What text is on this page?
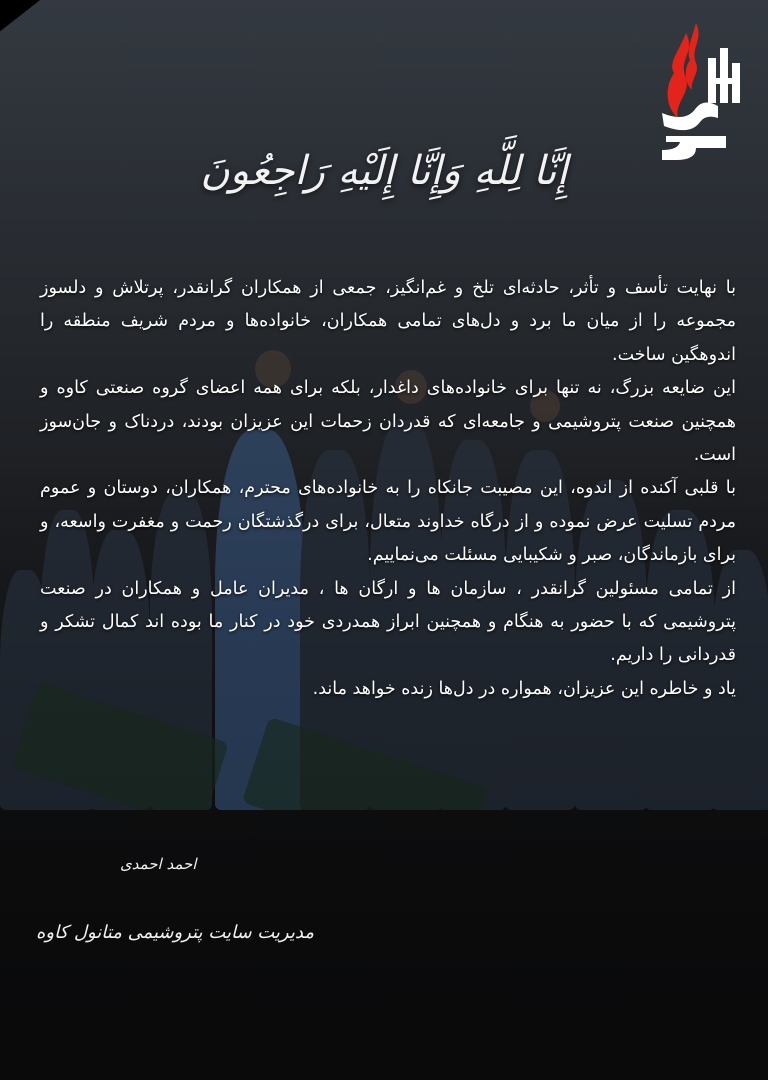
إِنَّا لِلَّهِ وَإِنَّا إِلَيْهِ رَاجِعُونَ

با نهایت تأسف و تأثر، حادثه‌ای تلخ و غم‌انگیز، جمعی از همکاران گرانقدر، پرتلاش و دلسوز مجموعه را از میان ما برد و دل‌های تمامی همکاران، خانواده‌ها و مردم شریف منطقه را اندوهگین ساخت.

این ضایعه بزرگ، نه تنها برای خانواده‌های داغدار، بلکه برای همه اعضای گروه صنعتی کاوه و همچنین صنعت پتروشیمی و جامعه‌ای که قدردان زحمات این عزیزان بودند، دردناک و جان‌سوز است.

با قلبی آکنده از اندوه، این مصیبت جانکاه را به خانواده‌های محترم، همکاران، دوستان و عموم مردم تسلیت عرض نموده و از درگاه خداوند متعال، برای درگذشتگان رحمت و مغفرت واسعه، و برای بازماندگان، صبر و شکیبایی مسئلت می‌نماییم.

از تمامی مسئولین گرانقدر ، سازمان ها و ارگان ها ، مدیران عامل و همکاران در صنعت پتروشیمی که با حضور به هنگام و همچنین ابراز همدردی خود در کنار ما بوده اند کمال تشکر و قدردانی را داریم.

یاد و خاطره این عزیزان، همواره در دل‌ها زنده خواهد ماند.

احمد احمدی
مدیریت سایت پتروشیمی متانول کاوه
